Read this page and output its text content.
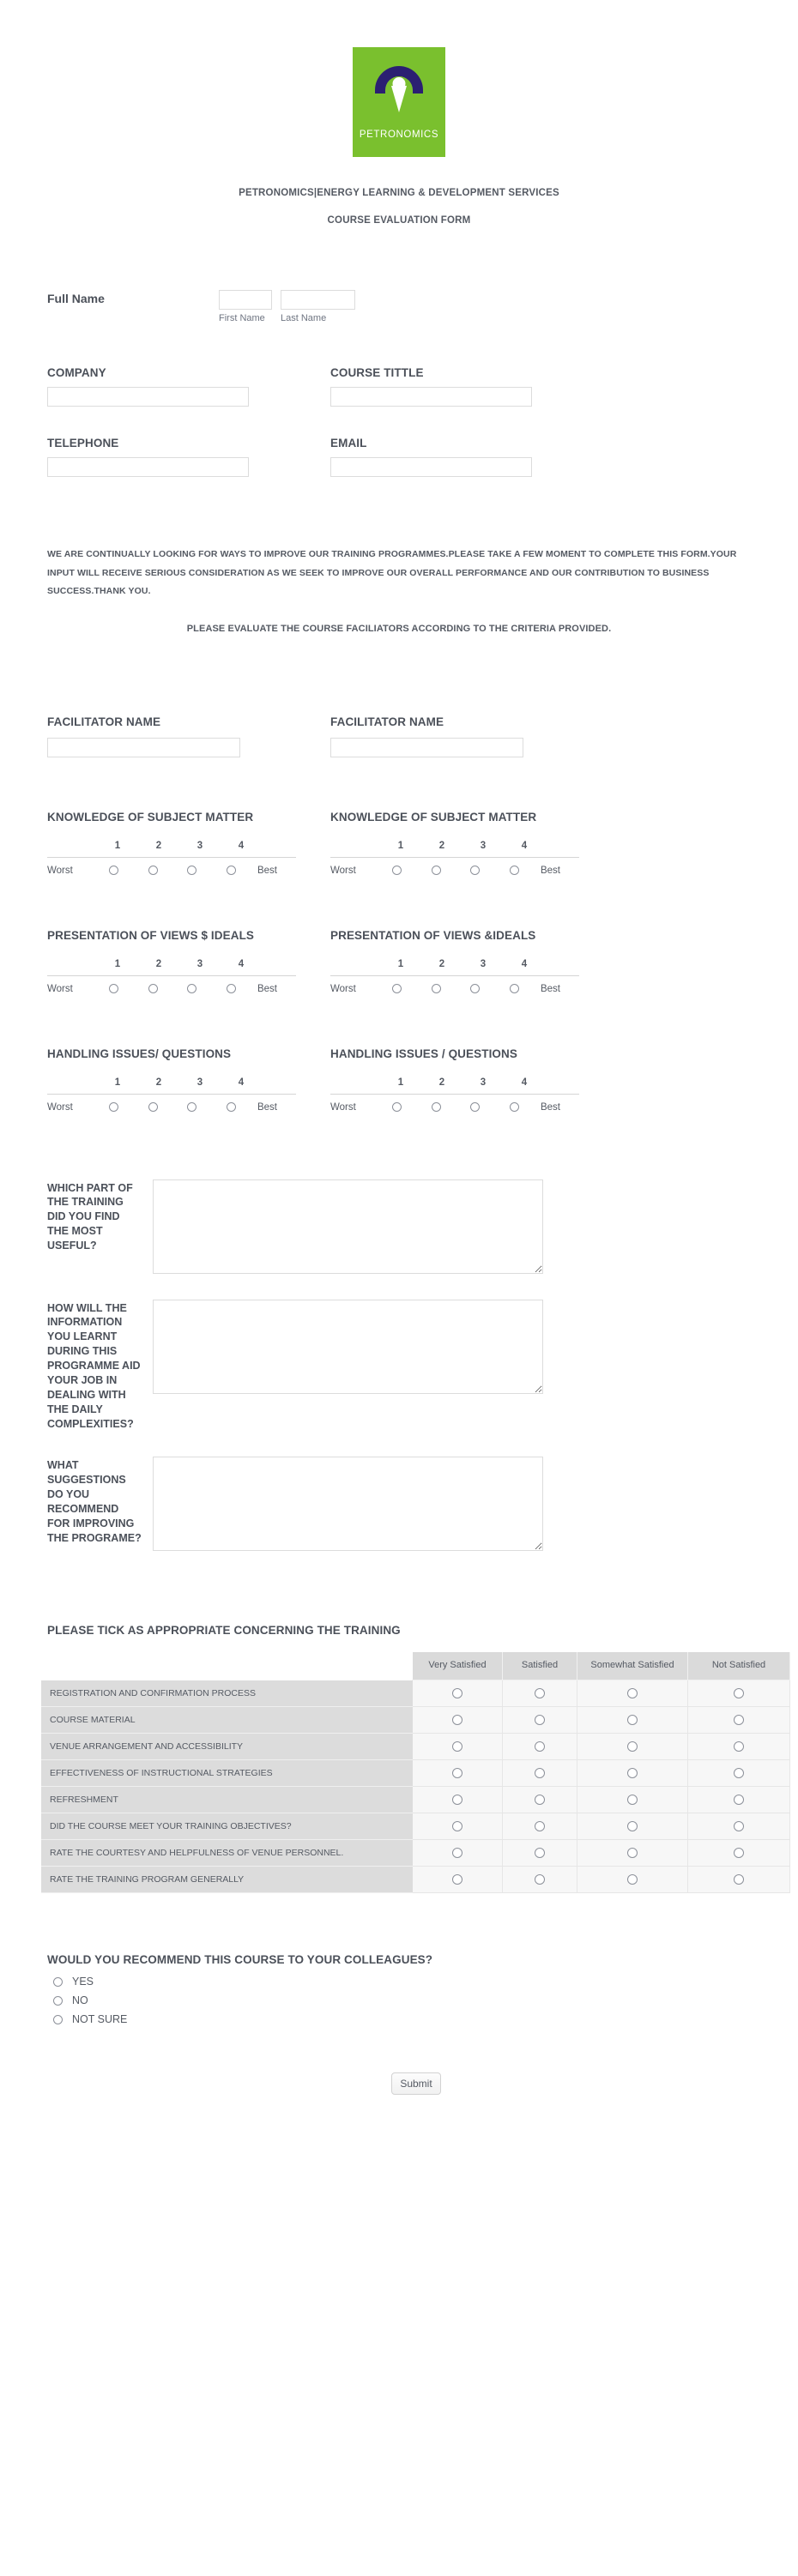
PETRONOMICS
PETRONOMICS|ENERGY LEARNING & DEVELOPMENT SERVICES
COURSE EVALUATION FORM
Full Name
First Name	Last Name
COMPANY	COURSE TITTLE
TELEPHONE	EMAIL
WE ARE CONTINUALLY LOOKING FOR WAYS TO IMPROVE OUR TRAINING PROGRAMMES.PLEASE TAKE A FEW MOMENT TO COMPLETE THIS FORM.YOUR INPUT WILL RECEIVE SERIOUS CONSIDERATION AS WE SEEK TO IMPROVE OUR OVERALL PERFORMANCE AND OUR CONTRIBUTION TO BUSINESS SUCCESS.THANK YOU.
PLEASE EVALUATE THE COURSE FACILIATORS ACCORDING TO THE CRITERIA PROVIDED.
FACILITATOR NAME	FACILITATOR NAME
KNOWLEDGE OF SUBJECT MATTER
1	2	3	4
Worst	Best
KNOWLEDGE OF SUBJECT MATTER
1	2	3	4
Worst	Best
PRESENTATION OF VIEWS $ IDEALS
1	2	3	4
Worst	Best
PRESENTATION OF VIEWS &IDEALS
1	2	3	4
Worst	Best
HANDLING ISSUES/ QUESTIONS
1	2	3	4
Worst	Best
HANDLING ISSUES / QUESTIONS
1	2	3	4
Worst	Best
WHICH PART OF THE TRAINING DID YOU FIND THE MOST USEFUL?
HOW WILL THE INFORMATION YOU LEARNT DURING THIS PROGRAMME AID YOUR JOB IN DEALING WITH THE DAILY COMPLEXITIES?
WHAT SUGGESTIONS DO YOU RECOMMEND FOR IMPROVING THE PROGRAME?
PLEASE TICK AS APPROPRIATE CONCERNING THE TRAINING
	Very Satisfied	Satisfied	Somewhat Satisfied	Not Satisfied
REGISTRATION AND CONFIRMATION PROCESS				
COURSE MATERIAL				
VENUE ARRANGEMENT AND ACCESSIBILITY				
EFFECTIVENESS OF INSTRUCTIONAL STRATEGIES				
REFRESHMENT				
DID THE COURSE MEET YOUR TRAINING OBJECTIVES?				
RATE THE COURTESY AND HELPFULNESS OF VENUE PERSONNEL.				
RATE THE TRAINING PROGRAM GENERALLY				
WOULD YOU RECOMMEND THIS COURSE TO YOUR COLLEAGUES?
YES
NO
NOT SURE
Submit
